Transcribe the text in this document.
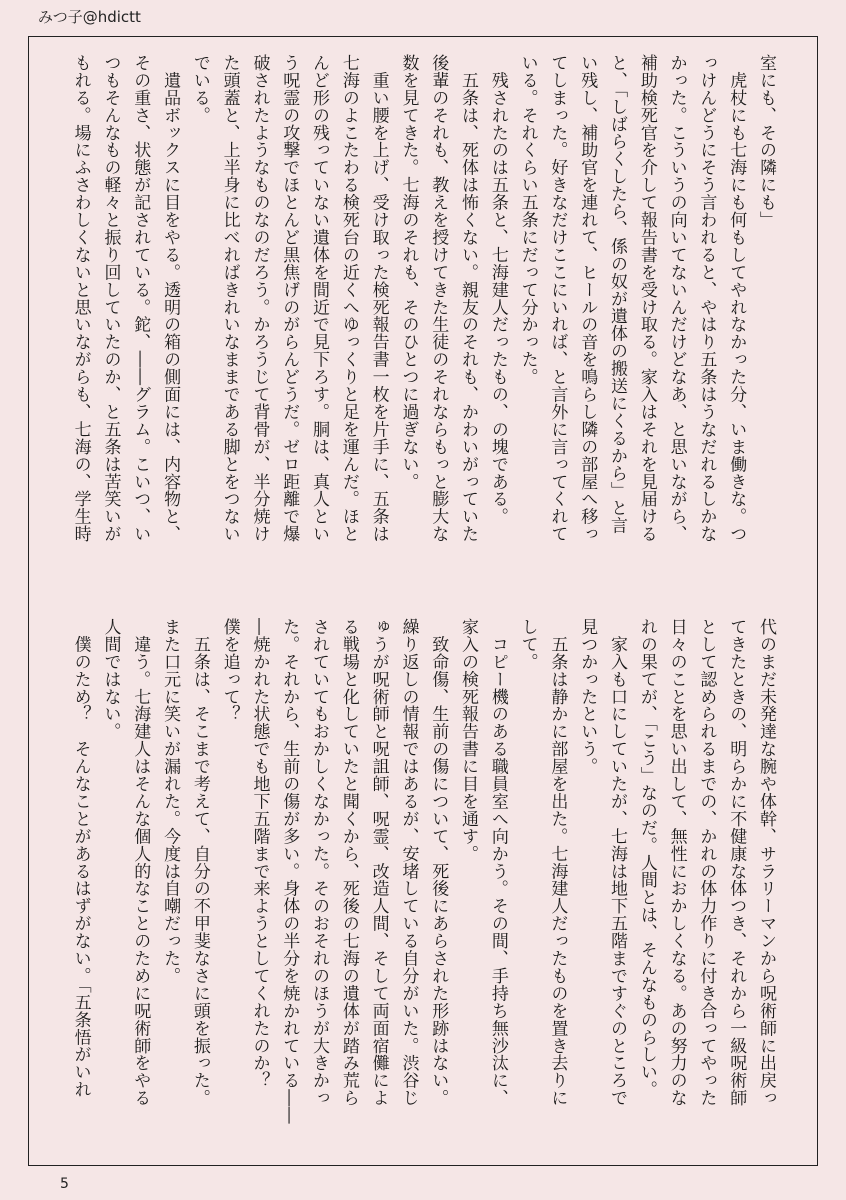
みつ子@hdictt

室にも、その隣にも」

　虎杖にも七海にも何もしてやれなかった分、いま働きな。つ

っけんどうにそう言われると、やはり五条はうなだれるしかな

かった。こういうの向いてないんだけどなあ、と思いながら、

補助検死官を介して報告書を受け取る。家入はそれを見届ける

と、「しばらくしたら、係の奴が遺体の搬送にくるから」と言

い残し、補助官を連れて、ヒールの音を鳴らし隣の部屋へ移っ

てしまった。好きなだけここにいれば、と言外に言ってくれて

いる。それくらい五条にだって分かった。

　残されたのは五条と、七海建人だったもの、の塊である。

　五条は、死体は怖くない。親友のそれも、かわいがっていた

後輩のそれも、教えを授けてきた生徒のそれならもっと膨大な

数を見てきた。七海のそれも、そのひとつに過ぎない。

　重い腰を上げ、受け取った検死報告書一枚を片手に、五条は

七海のよこたわる検死台の近くへゆっくりと足を運んだ。ほと

んど形の残っていない遺体を間近で見下ろす。胴は、真人とい

う呪霊の攻撃でほとんど黒焦げのがらんどうだ。ゼロ距離で爆

破されたようなものなのだろう。かろうじて背骨が、半分焼け

た頭蓋と、上半身に比べればきれいなままである脚とをつない

でいる。

　遺品ボックスに目をやる。透明の箱の側面には、内容物と、

その重さ、状態が記されている。鉈、――グラム。こいつ、い

つもそんなもの軽々と振り回していたのか、と五条は苦笑いが

もれる。場にふさわしくないと思いながらも、七海の、学生時

代のまだ未発達な腕や体幹、サラリーマンから呪術師に出戻っ

てきたときの、明らかに不健康な体つき、それから一級呪術師

として認められるまでの、かれの体力作りに付き合ってやった

日々のことを思い出して、無性におかしくなる。あの努力のな

れの果てが、「こう」なのだ。人間とは、そんなものらしい。

　家入も口にしていたが、七海は地下五階まですぐのところで

見つかったという。

　五条は静かに部屋を出た。七海建人だったものを置き去りに

して。

　コピー機のある職員室へ向かう。その間、手持ち無沙汰に、

家入の検死報告書に目を通す。

　致命傷、生前の傷について、死後にあらされた形跡はない。

繰り返しの情報ではあるが、安堵している自分がいた。渋谷じ

ゅうが呪術師と呪詛師、呪霊、改造人間、そして両面宿儺によ

る戦場と化していたと聞くから、死後の七海の遺体が踏み荒ら

されていてもおかしくなかった。そのおそれのほうが大きかっ

た。それから、生前の傷が多い。身体の半分を焼かれている――

―焼かれた状態でも地下五階まで来ようとしてくれたのか？

僕を追って？

　五条は、そこまで考えて、自分の不甲斐なさに頭を振った。

また口元に笑いが漏れた。今度は自嘲だった。

　違う。七海建人はそんな個人的なことのために呪術師をやる

人間ではない。

　僕のため？　そんなことがあるはずがない。「五条悟がいれ

5
